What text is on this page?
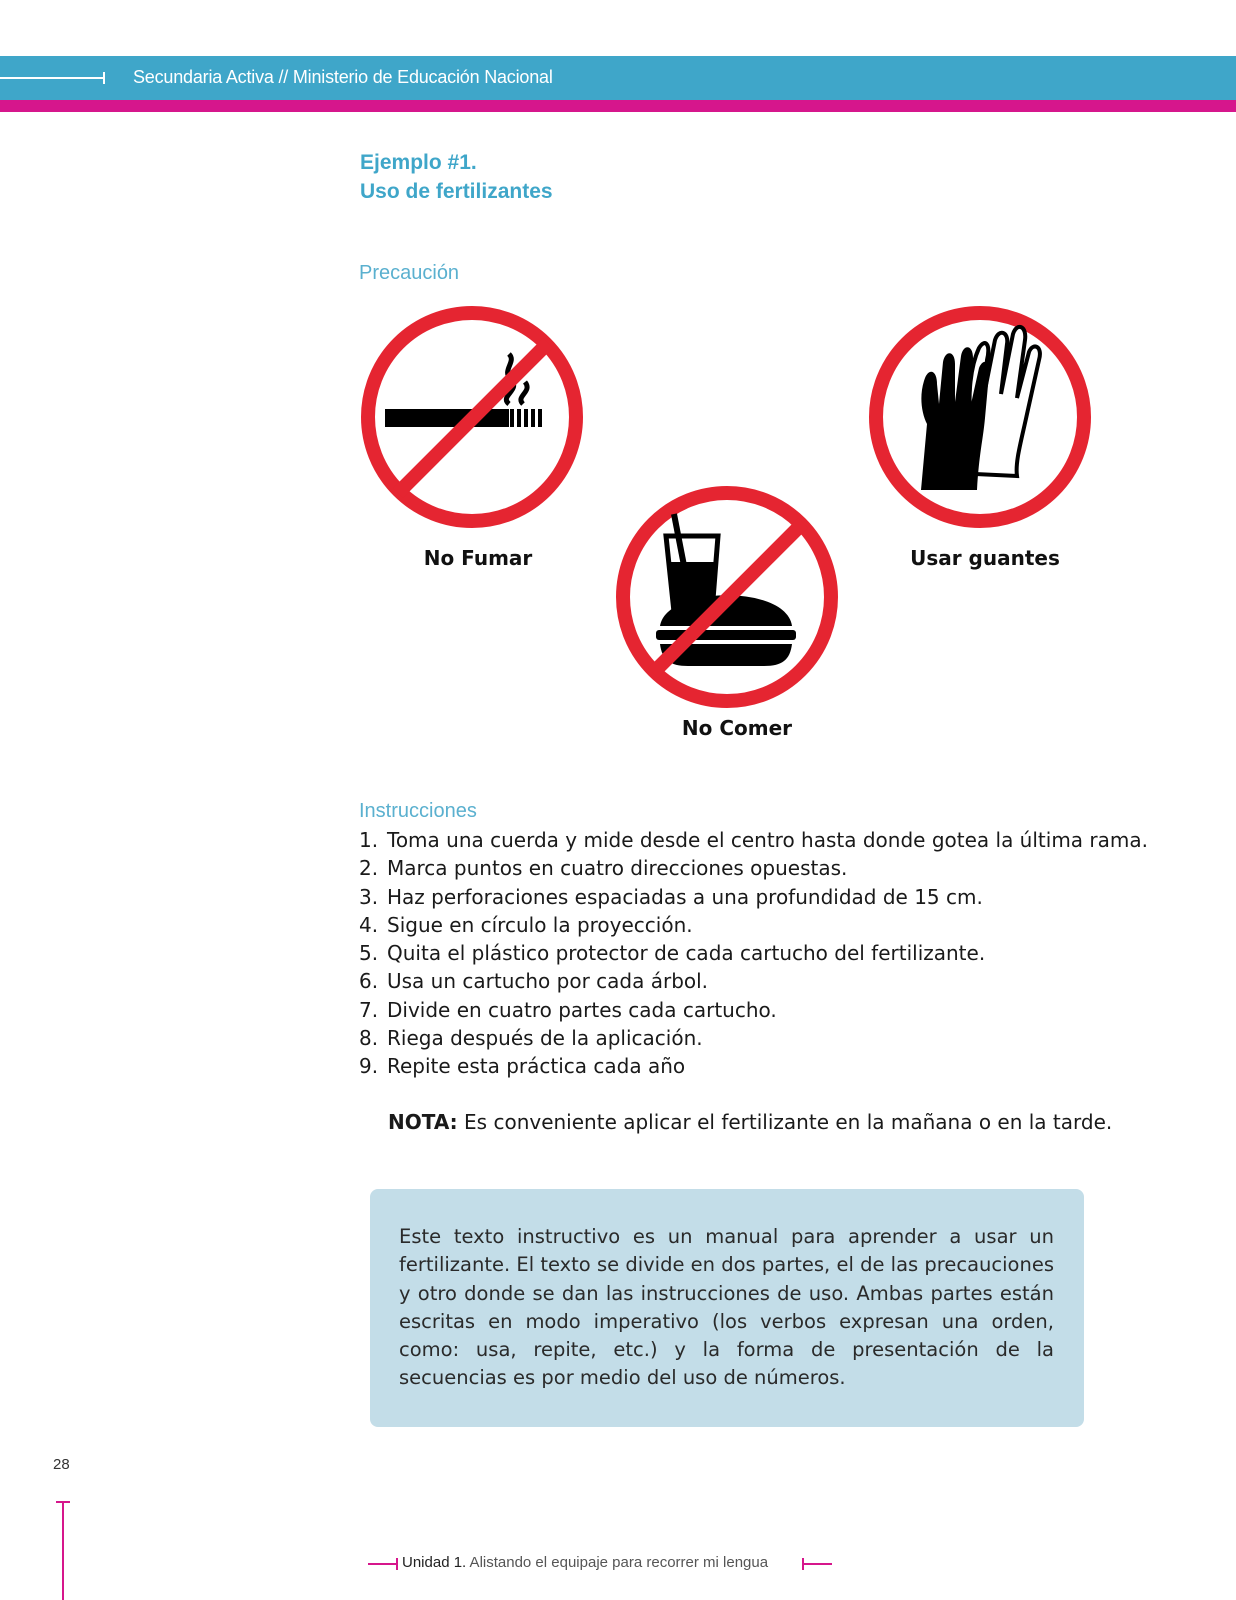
Secundaria Activa // Ministerio de Educación Nacional
Ejemplo #1.
Uso de fertilizantes
Precaución
No Fumar
No Comer
Usar guantes
Instrucciones
1. Toma una cuerda y mide desde el centro hasta donde gotea la última rama.
2. Marca puntos en cuatro direcciones opuestas.
3. Haz perforaciones espaciadas a una profundidad de 15 cm.
4. Sigue en círculo la proyección.
5. Quita el plástico protector de cada cartucho del fertilizante.
6. Usa un cartucho por cada árbol.
7. Divide en cuatro partes cada cartucho.
8. Riega después de la aplicación.
9. Repite esta práctica cada año
NOTA: Es conveniente aplicar el fertilizante en la mañana o en la tarde.

Este texto instructivo es un manual para aprender a usar un fertilizante. El texto se divide en dos partes, el de las precauciones y otro donde se dan las instrucciones de uso. Ambas partes están escritas en modo imperativo (los verbos expresan una orden, como: usa, repite, etc.) y la forma de presentación de la secuencias es por medio del uso de números.

28
Unidad 1. Alistando el equipaje para recorrer mi lengua
